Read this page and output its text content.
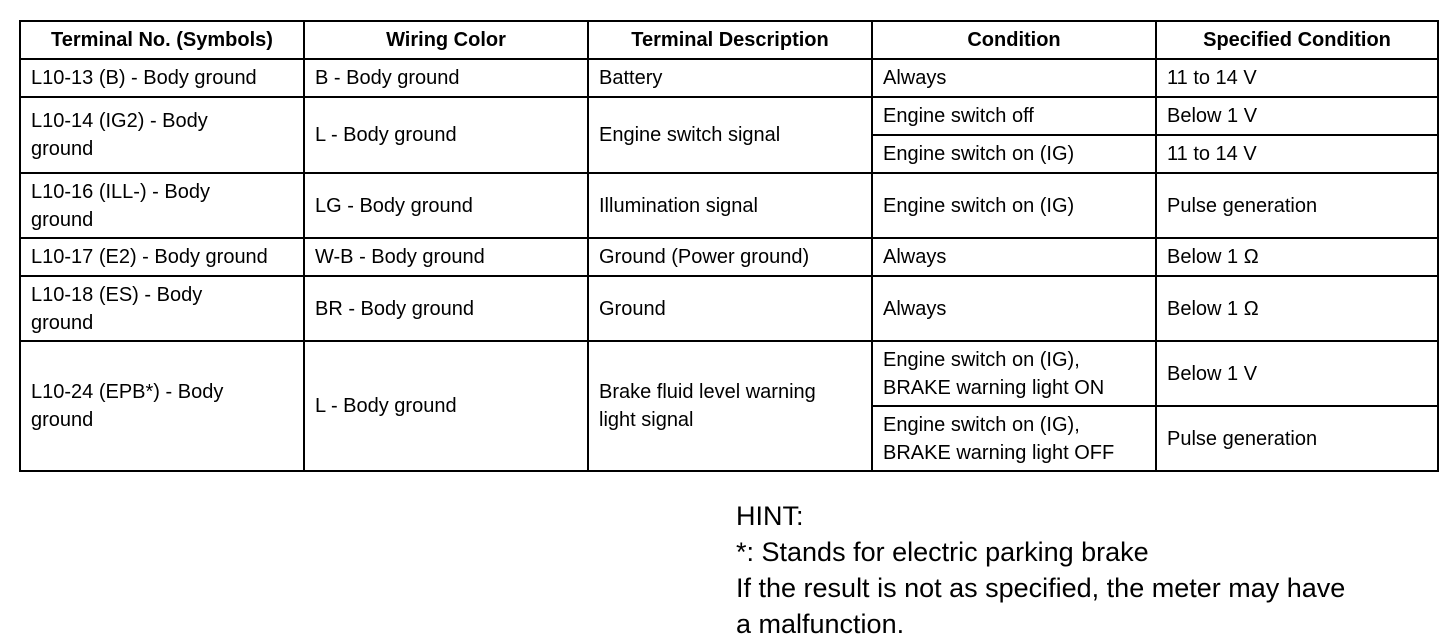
Terminal No. (Symbols)	Wiring Color	Terminal Description	Condition	Specified Condition
L10-13 (B) - Body ground	B - Body ground	Battery	Always	11 to 14 V
L10-14 (IG2) - Body ground	L - Body ground	Engine switch signal	Engine switch off	Below 1 V
			Engine switch on (IG)	11 to 14 V
L10-16 (ILL-) - Body ground	LG - Body ground	Illumination signal	Engine switch on (IG)	Pulse generation
L10-17 (E2) - Body ground	W-B - Body ground	Ground (Power ground)	Always	Below 1 Ω
L10-18 (ES) - Body ground	BR - Body ground	Ground	Always	Below 1 Ω
L10-24 (EPB*) - Body ground	L - Body ground	Brake fluid level warning light signal	Engine switch on (IG), BRAKE warning light ON	Below 1 V
			Engine switch on (IG), BRAKE warning light OFF	Pulse generation
HINT:
*: Stands for electric parking brake
If the result is not as specified, the meter may have
a malfunction.
